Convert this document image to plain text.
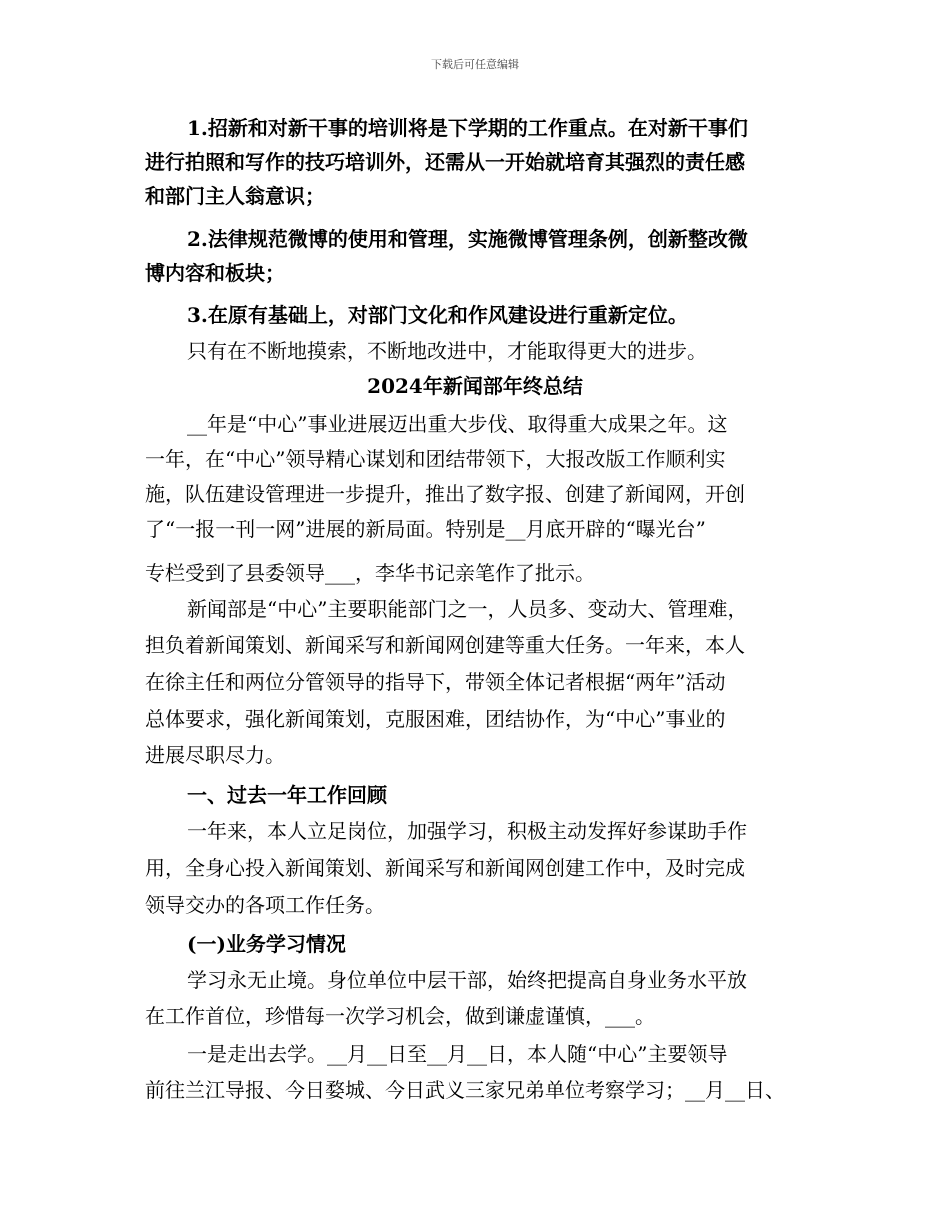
下载后可任意编辑
1.招新和对新干事的培训将是下学期的工作重点。在对新干事们
进行拍照和写作的技巧培训外，还需从一开始就培育其强烈的责任感
和部门主人翁意识；
2.法律规范微博的使用和管理，实施微博管理条例，创新整改微
博内容和板块；
3.在原有基础上，对部门文化和作风建设进行重新定位。
只有在不断地摸索，不断地改进中，才能取得更大的进步。
2024年新闻部年终总结
__年是“中心”事业进展迈出重大步伐、取得重大成果之年。这
一年，在“中心”领导精心谋划和团结带领下，大报改版工作顺利实
施，队伍建设管理进一步提升，推出了数字报、创建了新闻网，开创
了“一报一刊一网”进展的新局面。特别是__月底开辟的“曝光台”
专栏受到了县委领导___，李华书记亲笔作了批示。
新闻部是“中心”主要职能部门之一，人员多、变动大、管理难，
担负着新闻策划、新闻采写和新闻网创建等重大任务。一年来，本人
在徐主任和两位分管领导的指导下，带领全体记者根据“两年”活动
总体要求，强化新闻策划，克服困难，团结协作，为“中心”事业的
进展尽职尽力。
一、过去一年工作回顾
一年来，本人立足岗位，加强学习，积极主动发挥好参谋助手作
用，全身心投入新闻策划、新闻采写和新闻网创建工作中，及时完成
领导交办的各项工作任务。
(一)业务学习情况
学习永无止境。身位单位中层干部，始终把提高自身业务水平放
在工作首位，珍惜每一次学习机会，做到谦虚谨慎，___。
一是走出去学。__月__日至__月__日，本人随“中心”主要领导
前往兰江导报、今日婺城、今日武义三家兄弟单位考察学习；__月__日、
